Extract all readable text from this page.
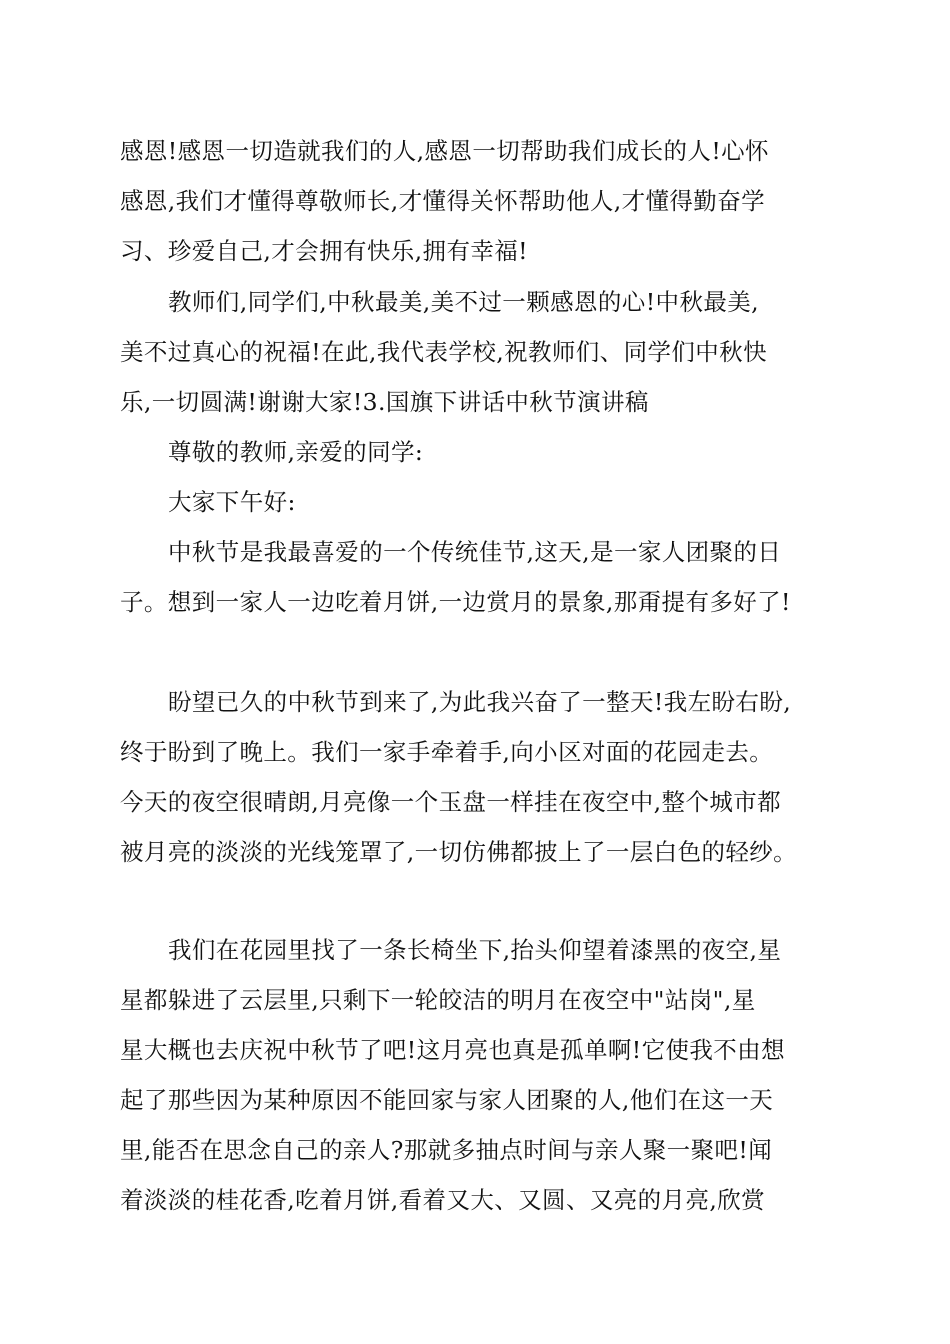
感恩!感恩一切造就我们的人,感恩一切帮助我们成长的人!心怀
感恩,我们才懂得尊敬师长,才懂得关怀帮助他人,才懂得勤奋学
习、珍爱自己,才会拥有快乐,拥有幸福!
教师们,同学们,中秋最美,美不过一颗感恩的心!中秋最美,
美不过真心的祝福!在此,我代表学校,祝教师们、同学们中秋快
乐,一切圆满!谢谢大家!3.国旗下讲话中秋节演讲稿
尊敬的教师,亲爱的同学:
大家下午好:
中秋节是我最喜爱的一个传统佳节,这天,是一家人团聚的日
子。想到一家人一边吃着月饼,一边赏月的景象,那甭提有多好了!
盼望已久的中秋节到来了,为此我兴奋了一整天!我左盼右盼,
终于盼到了晚上。我们一家手牵着手,向小区对面的花园走去。
今天的夜空很晴朗,月亮像一个玉盘一样挂在夜空中,整个城市都
被月亮的淡淡的光线笼罩了,一切仿佛都披上了一层白色的轻纱。
我们在花园里找了一条长椅坐下,抬头仰望着漆黑的夜空,星
星都躲进了云层里,只剩下一轮皎洁的明月在夜空中"站岗",星
星大概也去庆祝中秋节了吧!这月亮也真是孤单啊!它使我不由想
起了那些因为某种原因不能回家与家人团聚的人,他们在这一天
里,能否在思念自己的亲人?那就多抽点时间与亲人聚一聚吧!闻
着淡淡的桂花香,吃着月饼,看着又大、又圆、又亮的月亮,欣赏
